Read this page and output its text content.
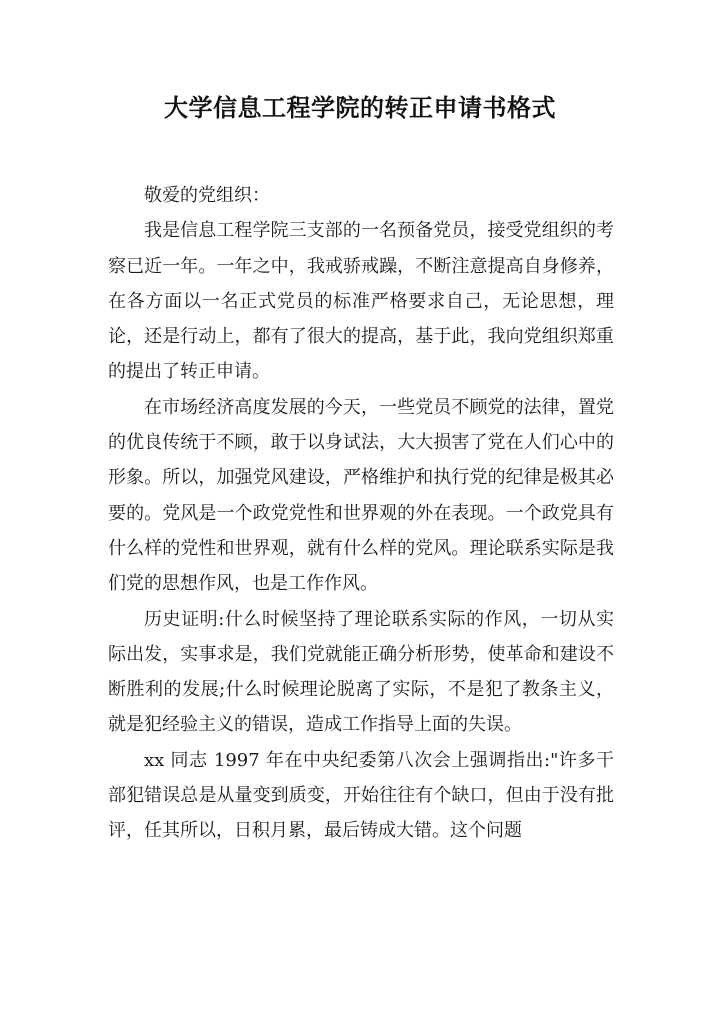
大学信息工程学院的转正申请书格式

敬爱的党组织：

我是信息工程学院三支部的一名预备党员，接受党组织的考察已近一年。一年之中，我戒骄戒躁，不断注意提高自身修养，在各方面以一名正式党员的标准严格要求自己，无论思想，理论，还是行动上，都有了很大的提高，基于此，我向党组织郑重的提出了转正申请。

在市场经济高度发展的今天，一些党员不顾党的法律，置党的优良传统于不顾，敢于以身试法，大大损害了党在人们心中的形象。所以，加强党风建设，严格维护和执行党的纪律是极其必要的。党风是一个政党党性和世界观的外在表现。一个政党具有什么样的党性和世界观，就有什么样的党风。理论联系实际是我们党的思想作风，也是工作作风。

历史证明:什么时候坚持了理论联系实际的作风，一切从实际出发，实事求是，我们党就能正确分析形势，使革命和建设不断胜利的发展;什么时候理论脱离了实际，不是犯了教条主义，就是犯经验主义的错误，造成工作指导上面的失误。

xx 同志 1997 年在中央纪委第八次会上强调指出:"许多干部犯错误总是从量变到质变，开始往往有个缺口，但由于没有批评，任其所以，日积月累，最后铸成大错。这个问题
